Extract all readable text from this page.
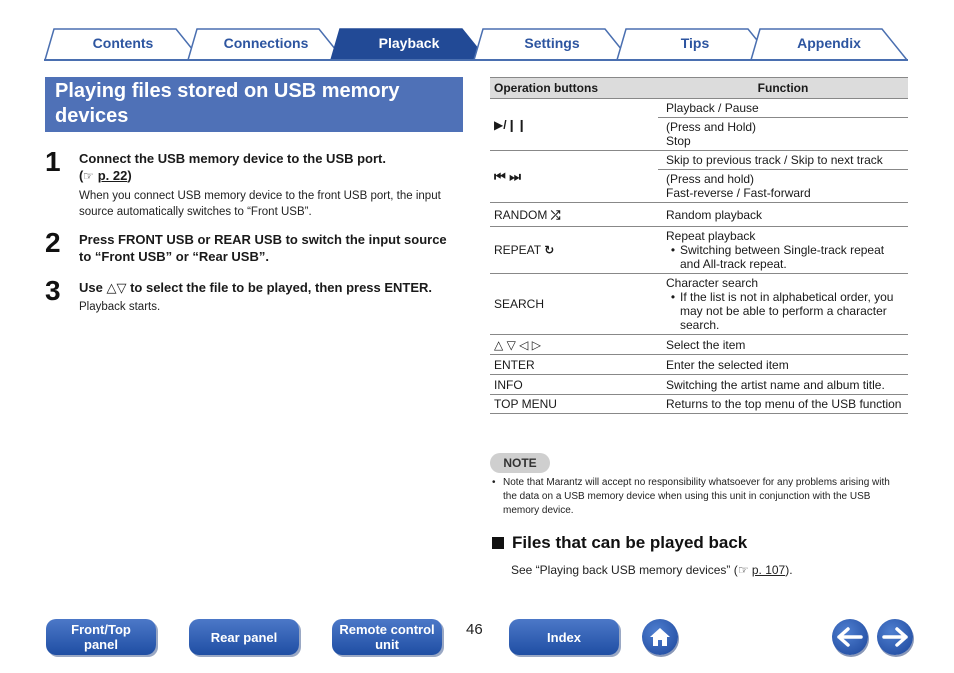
Contents	Connections	Playback	Settings	Tips	Appendix
Playing files stored on USB memory devices
1 Connect the USB memory device to the USB port.
(☜ p. 22)
When you connect USB memory device to the front USB port, the input source automatically switches to “Front USB”.
2 Press FRONT USB or REAR USB to switch the input source to “Front USB” or “Rear USB”.
3 Use △▽ to select the file to be played, then press ENTER.
Playback starts.
Operation buttons	Function
▶/❙❙	Playback / Pause
	(Press and Hold)
Stop
⏮ ⏭	Skip to previous track / Skip to next track
	(Press and hold)
Fast-reverse / Fast-forward
RANDOM ⤮	Random playback
REPEAT ↻	Repeat playback
• Switching between Single-track repeat and All-track repeat.

SEARCH	Character search
• If the list is not in alphabetical order, you may not be able to perform a character search.

△ ▽ ◁ ▷	Select the item
ENTER	Enter the selected item
INFO	Switching the artist name and album title.
TOP MENU	Returns to the top menu of the USB function
NOTE
• Note that Marantz will accept no responsibility whatsoever for any problems arising with the data on a USB memory device when using this unit in conjunction with the USB memory device.
Files that can be played back
See “Playing back USB memory devices” (☜ p. 107).
Front/Top
panel	Rear panel	Remote control
unit
46	Index
